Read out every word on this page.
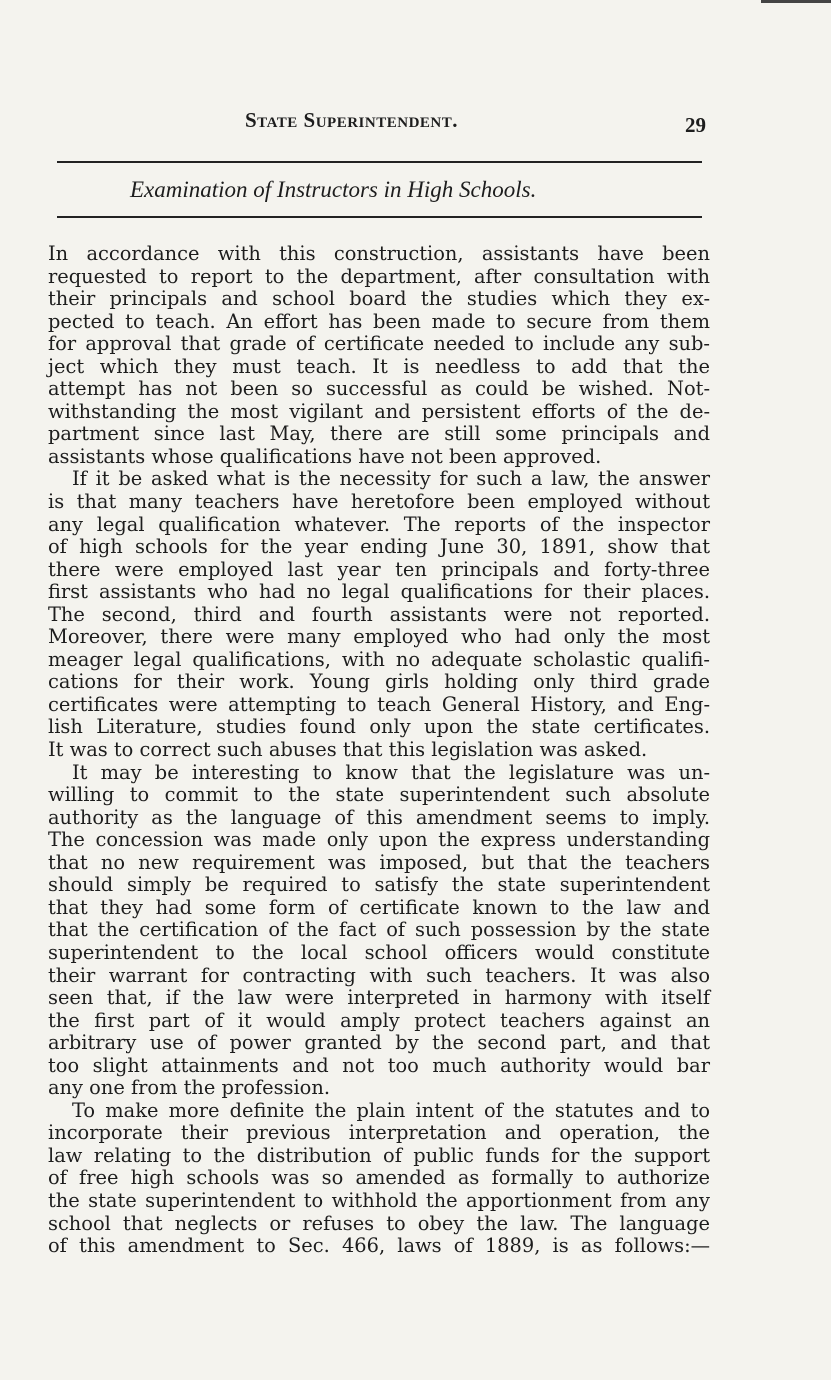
State Superintendent.	29
Examination of Instructors in High Schools.
In accordance with this construction, assistants have been
requested to report to the department, after consultation with
their principals and school board the studies which they ex-
pected to teach. An effort has been made to secure from them
for approval that grade of certificate needed to include any sub-
ject which they must teach. It is needless to add that the
attempt has not been so successful as could be wished. Not-
withstanding the most vigilant and persistent efforts of the de-
partment since last May, there are still some principals and
assistants whose qualifications have not been approved.
If it be asked what is the necessity for such a law, the answer
is that many teachers have heretofore been employed without
any legal qualification whatever. The reports of the inspector
of high schools for the year ending June 30, 1891, show that
there were employed last year ten principals and forty-three
first assistants who had no legal qualifications for their places.
The second, third and fourth assistants were not reported.
Moreover, there were many employed who had only the most
meager legal qualifications, with no adequate scholastic qualifi-
cations for their work. Young girls holding only third grade
certificates were attempting to teach General History, and Eng-
lish Literature, studies found only upon the state certificates.
It was to correct such abuses that this legislation was asked.
It may be interesting to know that the legislature was un-
willing to commit to the state superintendent such absolute
authority as the language of this amendment seems to imply.
The concession was made only upon the express understanding
that no new requirement was imposed, but that the teachers
should simply be required to satisfy the state superintendent
that they had some form of certificate known to the law and
that the certification of the fact of such possession by the state
superintendent to the local school officers would constitute
their warrant for contracting with such teachers. It was also
seen that, if the law were interpreted in harmony with itself
the first part of it would amply protect teachers against an
arbitrary use of power granted by the second part, and that
too slight attainments and not too much authority would bar
any one from the profession.
To make more definite the plain intent of the statutes and to
incorporate their previous interpretation and operation, the
law relating to the distribution of public funds for the support
of free high schools was so amended as formally to authorize
the state superintendent to withhold the apportionment from any
school that neglects or refuses to obey the law. The language
of this amendment to Sec. 466, laws of 1889, is as follows:—
